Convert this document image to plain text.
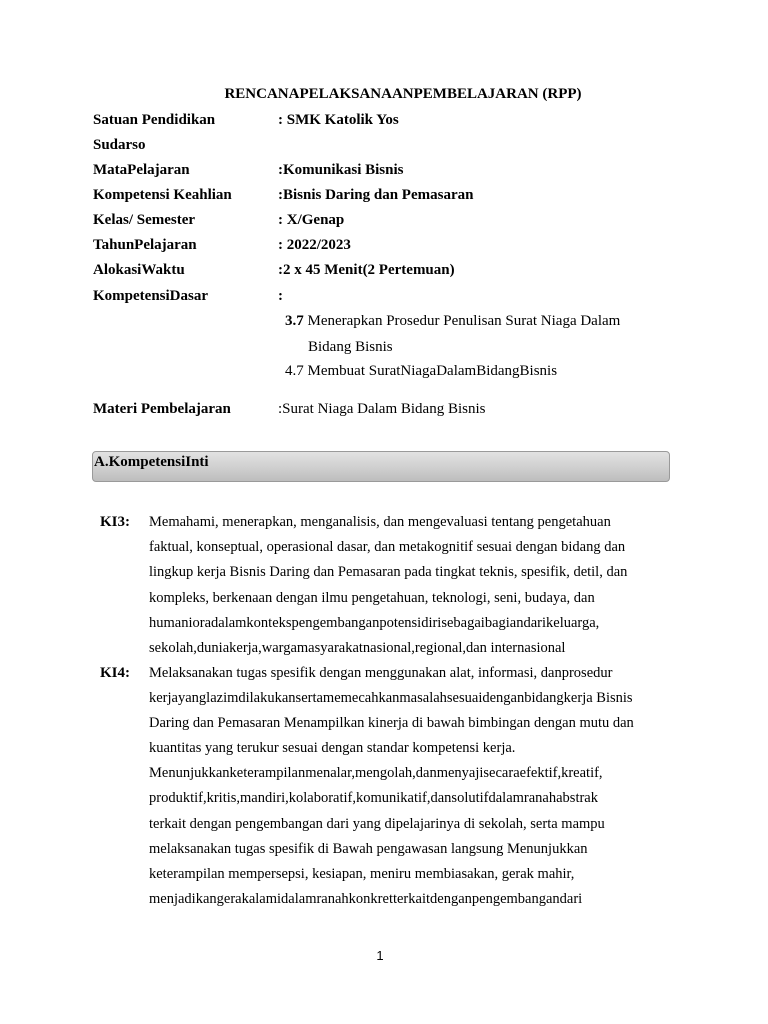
RENCANAPELAKSANAANPEMBELAJARAN (RPP)
Satuan Pendidikan	: SMK Katolik Yos
Sudarso
MataPelajaran	:Komunikasi Bisnis
Kompetensi Keahlian	:Bisnis Daring dan Pemasaran
Kelas/ Semester	: X/Genap
TahunPelajaran	: 2022/2023
AlokasiWaktu	:2 x 45 Menit(2 Pertemuan)
KompetensiDasar	:
3.7 Menerapkan Prosedur Penulisan Surat Niaga Dalam
Bidang Bisnis
4.7 Membuat SuratNiagaDalamBidangBisnis
Materi Pembelajaran	:Surat Niaga Dalam Bidang Bisnis
A.KompetensiInti
KI3: Memahami, menerapkan, menganalisis, dan mengevaluasi tentang pengetahuan
faktual, konseptual, operasional dasar, dan metakognitif sesuai dengan bidang dan
lingkup kerja Bisnis Daring dan Pemasaran pada tingkat teknis, spesifik, detil, dan
kompleks, berkenaan dengan ilmu pengetahuan, teknologi, seni, budaya, dan
humanioradalamkontekspengembanganpotensidirisebagaibagiandarikeluarga,
sekolah,duniakerja,wargamasyarakatnasional,regional,dan internasional
KI4: Melaksanakan tugas spesifik dengan menggunakan alat, informasi, danprosedur
kerjayanglazimdilakukansertamemecahkanmasalahsesuaidenganbidangkerja Bisnis
Daring dan Pemasaran Menampilkan kinerja di bawah bimbingan dengan mutu dan
kuantitas yang terukur sesuai dengan standar kompetensi kerja.
Menunjukkanketerampilanmenalar,mengolah,danmenyajisecaraefektif,kreatif,
produktif,kritis,mandiri,kolaboratif,komunikatif,dansolutifdalamranahabstrak
terkait dengan pengembangan dari yang dipelajarinya di sekolah, serta mampu
melaksanakan tugas spesifik di Bawah pengawasan langsung Menunjukkan
keterampilan mempersepsi, kesiapan, meniru membiasakan, gerak mahir,
menjadikangerakalamidalamranahkonkretterkaitdenganpengembangandari
1
